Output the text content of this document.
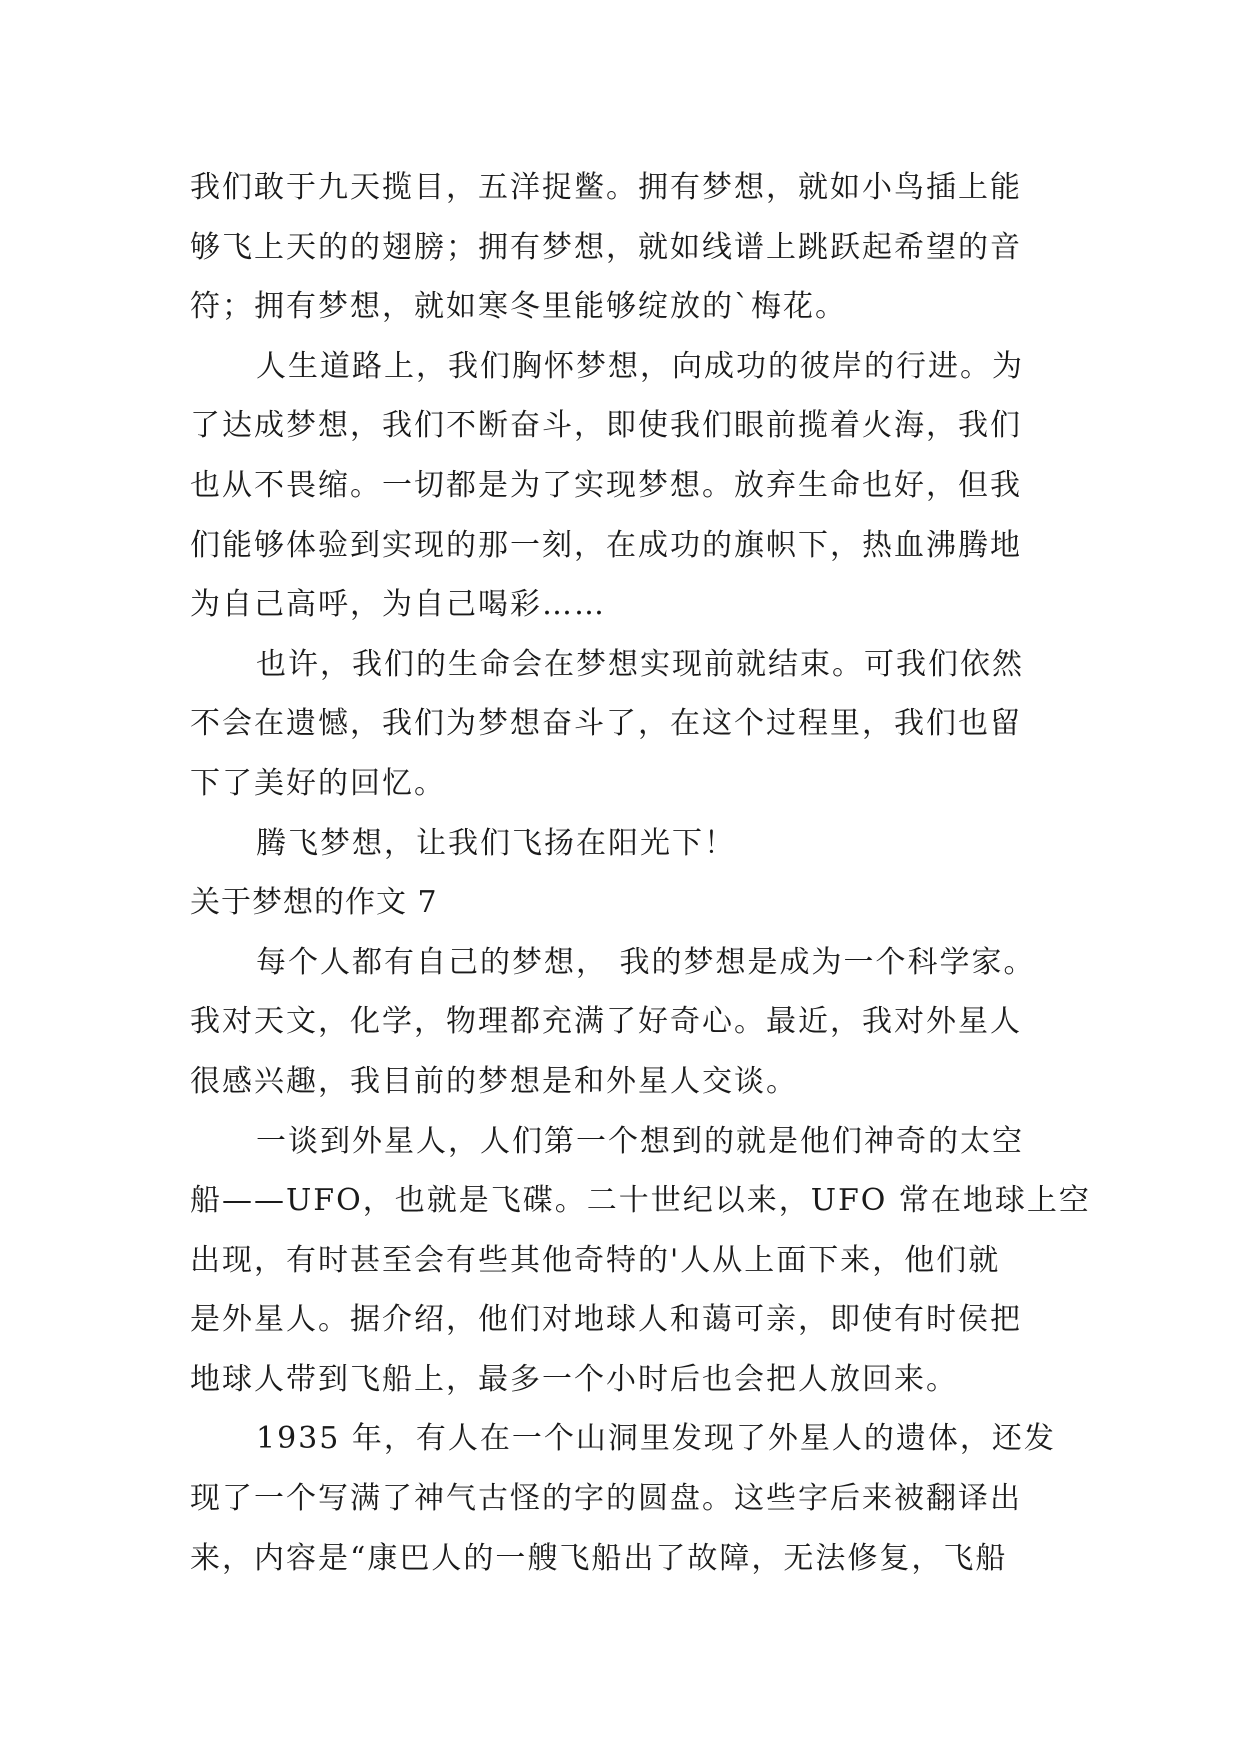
我们敢于九天揽目，五洋捉鳖。拥有梦想，就如小鸟插上能
够飞上天的的翅膀；拥有梦想，就如线谱上跳跃起希望的音
符；拥有梦想，就如寒冬里能够绽放的`梅花。
人生道路上，我们胸怀梦想，向成功的彼岸的行进。为
了达成梦想，我们不断奋斗，即使我们眼前揽着火海，我们
也从不畏缩。一切都是为了实现梦想。放弃生命也好，但我
们能够体验到实现的那一刻，在成功的旗帜下，热血沸腾地
为自己高呼，为自己喝彩……
也许，我们的生命会在梦想实现前就结束。可我们依然
不会在遗憾，我们为梦想奋斗了，在这个过程里，我们也留
下了美好的回忆。
腾飞梦想，让我们飞扬在阳光下！
关于梦想的作文 7
每个人都有自己的梦想， 我的梦想是成为一个科学家。
我对天文，化学，物理都充满了好奇心。最近，我对外星人
很感兴趣，我目前的梦想是和外星人交谈。
一谈到外星人，人们第一个想到的就是他们神奇的太空
船——UFO，也就是飞碟。二十世纪以来，UFO 常在地球上空
出现，有时甚至会有些其他奇特的'人从上面下来，他们就
是外星人。据介绍，他们对地球人和蔼可亲，即使有时侯把
地球人带到飞船上，最多一个小时后也会把人放回来。
1935 年，有人在一个山洞里发现了外星人的遗体，还发
现了一个写满了神气古怪的字的圆盘。这些字后来被翻译出
来，内容是“康巴人的一艘飞船出了故障，无法修复，飞船
